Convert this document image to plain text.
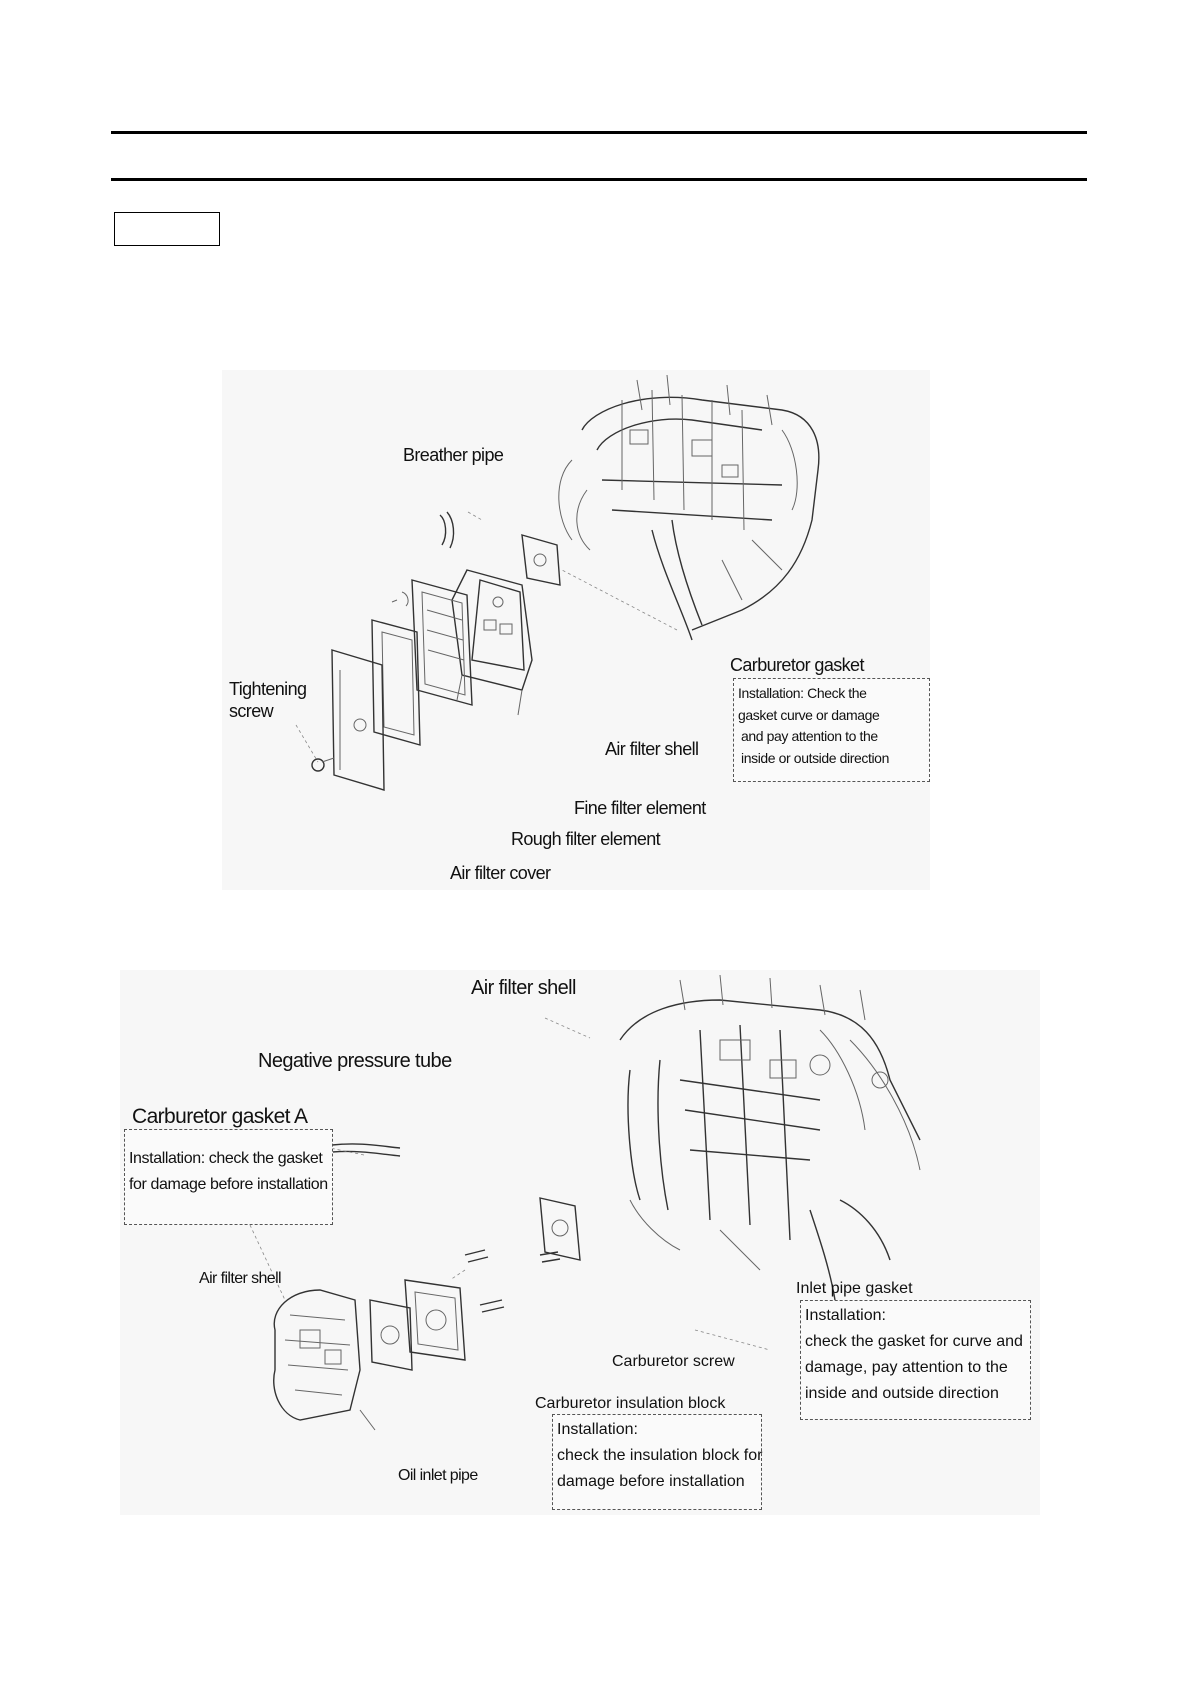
Breather pipe
Tightening
screw
Carburetor gasket
Installation: Check the
gasket curve or damage
and pay attention to the
inside or outside direction
Air filter shell
Fine filter element
Rough filter element
Air filter cover
Air filter shell
Negative pressure tube
Carburetor gasket A
Installation: check the gasket
for damage before installation
Air filter shell
Inlet pipe gasket
Installation:
check the gasket for curve and
damage, pay attention to the
inside and outside direction
Carburetor screw
Carburetor insulation block
Installation:
check the insulation block for
damage before installation
Oil inlet pipe
